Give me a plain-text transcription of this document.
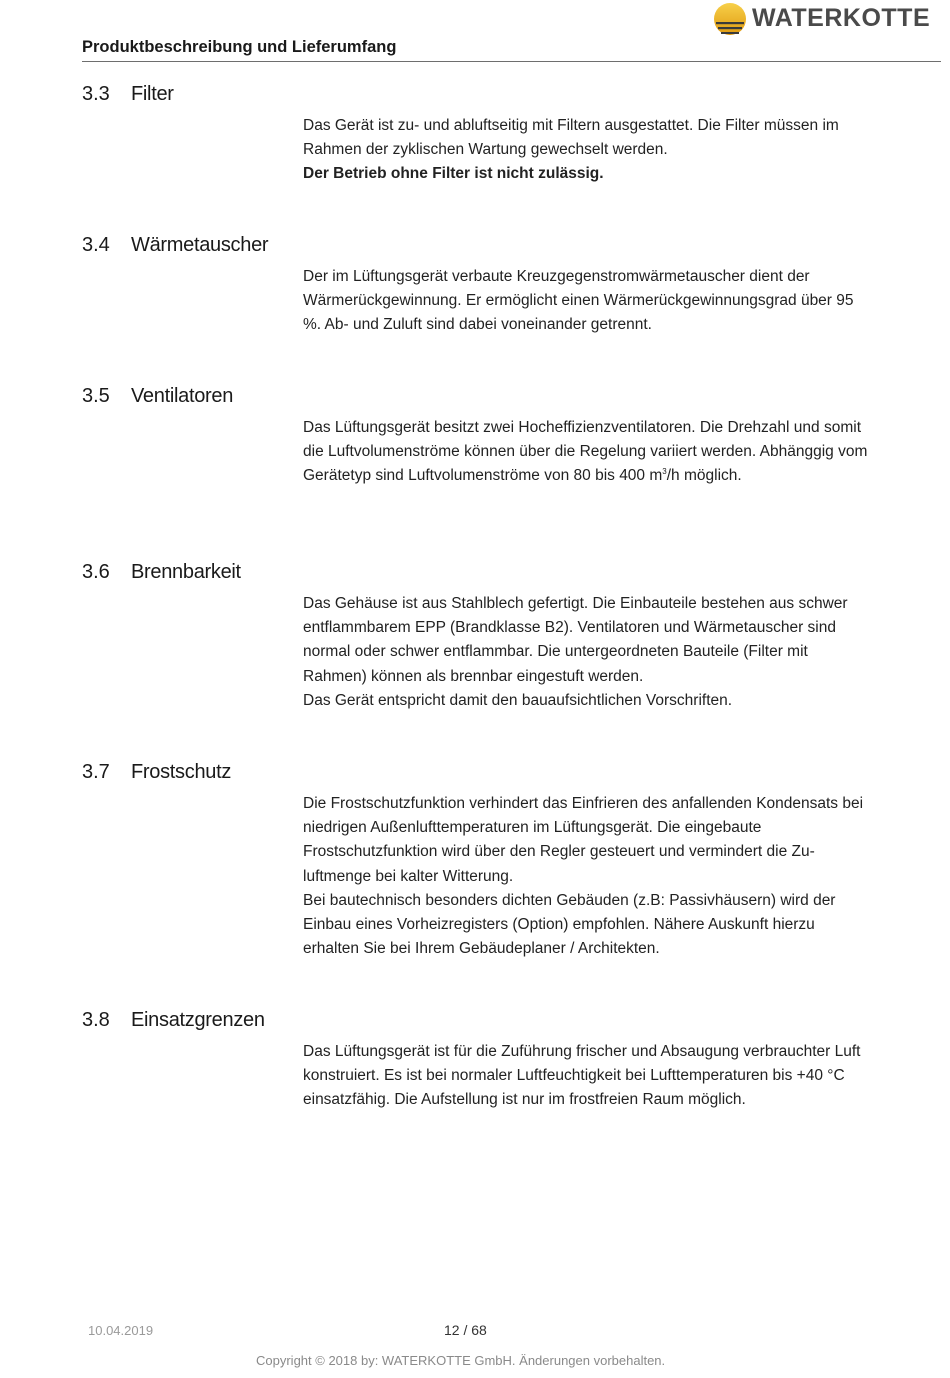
WATERKOTTE
Produktbeschreibung und Lieferumfang
3.3 Filter

Das Gerät ist zu- und abluftseitig mit Filtern ausgestattet. Die Filter müssen im Rahmen der zyklischen Wartung gewechselt werden.

Der Betrieb ohne Filter ist nicht zulässig.

3.4 Wärmetauscher

Der im Lüftungsgerät verbaute Kreuzgegenstromwärmetauscher dient der Wärmerückgewinnung. Er ermöglicht einen Wärmerückgewinnungsgrad über 95 %. Ab- und Zuluft sind dabei voneinander getrennt.

3.5 Ventilatoren

Das Lüftungsgerät besitzt zwei Hocheffizienzventilatoren. Die Drehzahl und somit die Luftvolumenströme können über die Regelung variiert werden. Abhänggig vom Gerätetyp sind Luftvolumenströme von 80 bis 400 $m^3/h$ möglich.

3.6 Brennbarkeit

Das Gehäuse ist aus Stahlblech gefertigt. Die Einbauteile bestehen aus schwer entflammbarem EPP (Brandklasse B2). Ventilatoren und Wärmetauscher sind normal oder schwer entflammbar. Die untergeordneten Bauteile (Filter mit Rahmen) können als brennbar eingestuft werden.

Das Gerät entspricht damit den bauaufsichtlichen Vorschriften.

3.7 Frostschutz

Die Frostschutzfunktion verhindert das Einfrieren des anfallenden Kondensats bei niedrigen Außenlufttemperaturen im Lüftungsgerät. Die eingebaute Frostschutzfunktion wird über den Regler gesteuert und vermindert die Zuluftmenge bei kalter Witterung.

Bei bautechnisch besonders dichten Gebäuden (z.B: Passivhäusern) wird der Einbau eines Vorheizregisters (Option) empfohlen. Nähere Auskunft hierzu erhalten Sie bei Ihrem Gebäudeplaner / Architekten.

3.8 Einsatzgrenzen

Das Lüftungsgerät ist für die Zuführung frischer und Absaugung verbrauchter Luft konstruiert. Es ist bei normaler Luftfeuchtigkeit bei Lufttemperaturen bis +40 °C einsatzfähig. Die Aufstellung ist nur im frostfreien Raum möglich.

10.04.2019	12 / 68
Copyright © 2018 by: WATERKOTTE GmbH. Änderungen vorbehalten.
